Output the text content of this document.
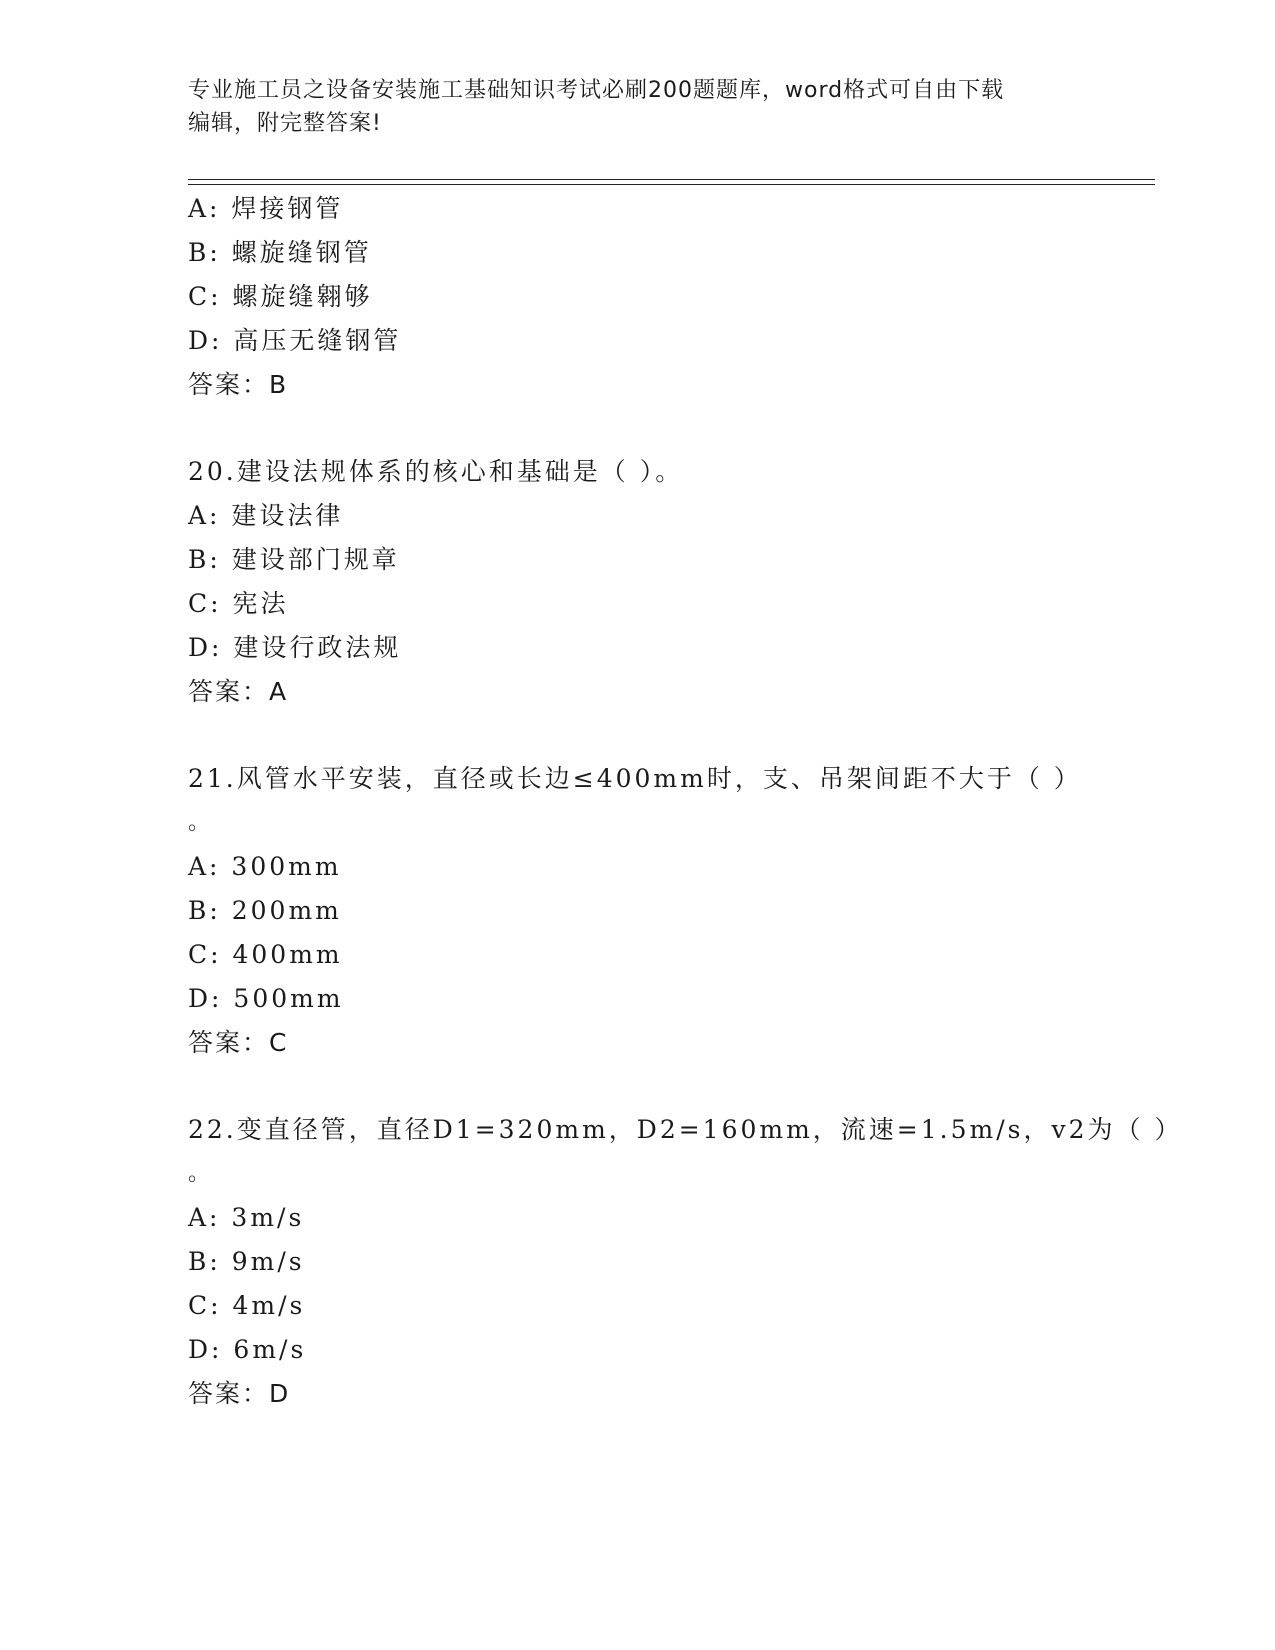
专业施工员之设备安装施工基础知识考试必刷200题题库，word格式可自由下载
编辑，附完整答案!
A: 焊接钢管
B: 螺旋缝钢管
C: 螺旋缝翱够
D: 高压无缝钢管
答案：B
20.建设法规体系的核心和基础是（ ）。
A: 建设法律
B: 建设部门规章
C: 宪法
D: 建设行政法规
答案：A
21.风管水平安装，直径或长边≤400mm时，支、吊架间距不大于（ ）
。
A: 300mm
B: 200mm
C: 400mm
D: 500mm
答案：C
22.变直径管，直径D1=320mm，D2=160mm，流速=1.5m/s，v2为（ ）
。
A: 3m/s
B: 9m/s
C: 4m/s
D: 6m/s
答案：D
